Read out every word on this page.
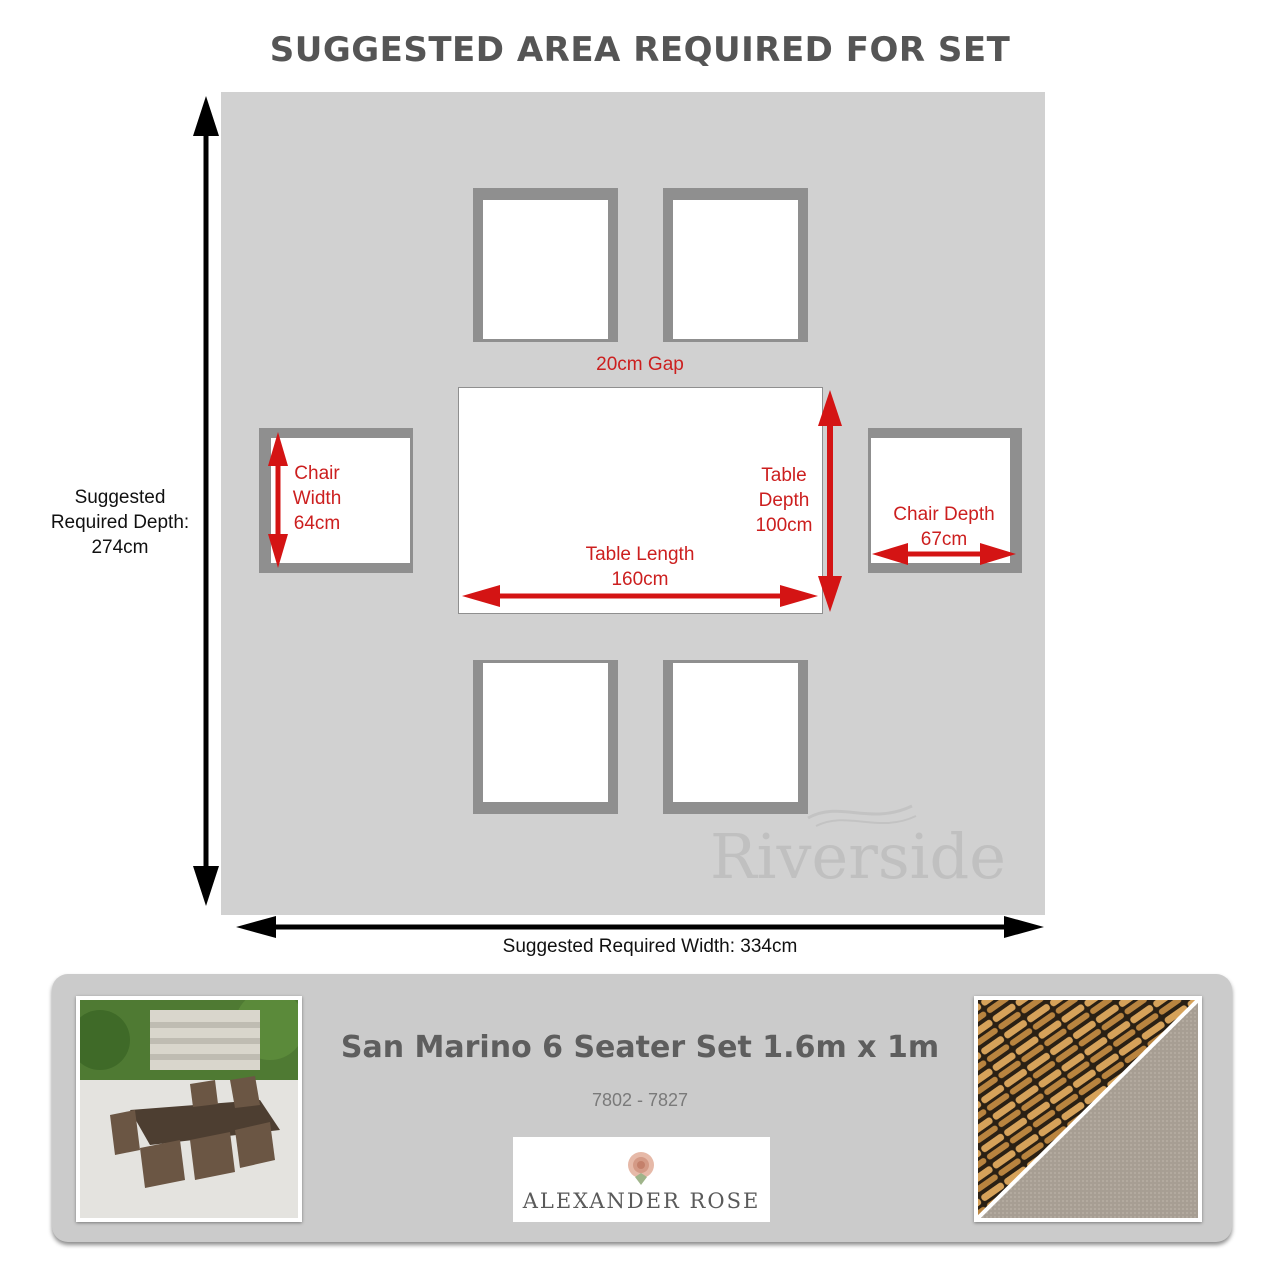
SUGGESTED AREA REQUIRED FOR SET
20cm Gap
Chair
Width
64cm
Table
Depth
100cm
Table Length
160cm
Chair Depth
67cm
Suggested
Required Depth:
274cm
Suggested Required Width: 334cm
Riverside
San Marino 6 Seater Set 1.6m x 1m
7802 - 7827
ALEXANDER ROSE
